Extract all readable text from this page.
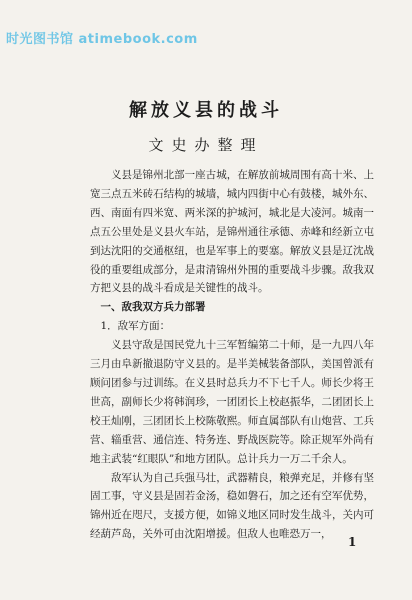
时光图书馆 atimebook.com
解放义县的战斗
文史办整理

义县是锦州北部一座古城，在解放前城周围有高十米、上宽三点五米砖石结构的城墙，城内四街中心有鼓楼，城外东、西、南面有四米宽、两米深的护城河，城北是大凌河。城南一点五公里处是义县火车站，是锦州通往承德、赤峰和经新立屯到达沈阳的交通枢纽，也是军事上的要塞。解放义县是辽沈战役的重要组成部分，是肃清锦州外围的重要战斗步骤。敌我双方把义县的战斗看成是关键性的战斗。

一、敌我双方兵力部署

1．敌军方面：

义县守敌是国民党九十三军暂编第二十师，是一九四八年三月由阜新撤退防守义县的。是半美械装备部队，美国曾派有顾问团参与过训练。在义县时总兵力不下七千人。师长少将王世高，副师长少将韩润珍，一团团长上校赵振华，二团团长上校王灿刚，三团团长上校陈敬熙。师直属部队有山炮营、工兵营、辎重营、通信连、特务连、野战医院等。除正规军外尚有地主武装“红眼队”和地方团队。总计兵力一万二千余人。

敌军认为自己兵强马壮，武器精良，粮弹充足，并修有坚固工事，守义县是固若金汤，稳如磐石，加之还有空军优势，锦州近在咫尺，支援方便，如锦义地区同时发生战斗，关内可经葫芦岛，关外可由沈阳增援。但敌人也唯恐万一，

1
